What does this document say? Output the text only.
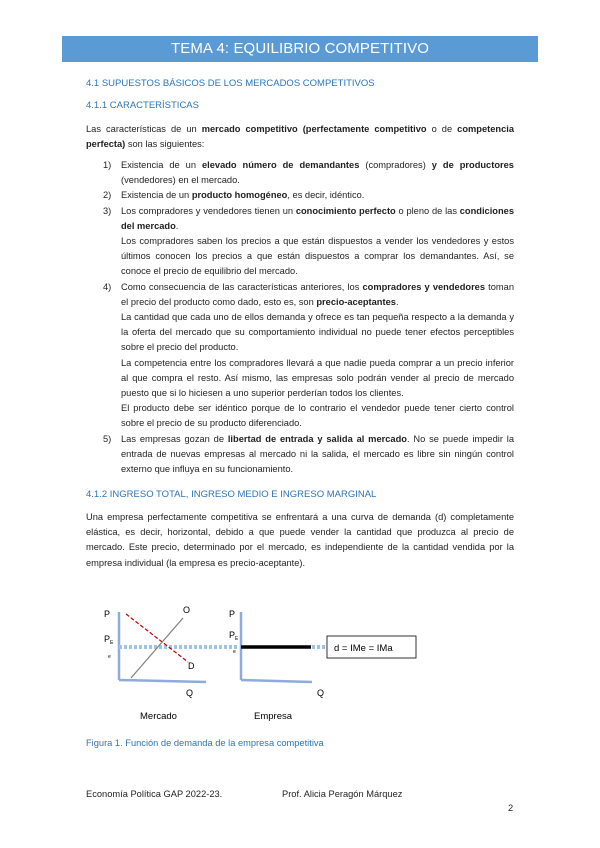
TEMA 4: EQUILIBRIO COMPETITIVO
4.1 SUPUESTOS BÁSICOS DE LOS MERCADOS COMPETITIVOS
4.1.1 CARACTERÍSTICAS
Las características de un mercado competitivo (perfectamente competitivo o de competencia perfecta) son las siguientes:
1) Existencia de un elevado número de demandantes (compradores) y de productores (vendedores) en el mercado.

2) Existencia de un producto homogéneo, es decir, idéntico.

3) Los compradores y vendedores tienen un conocimiento perfecto o pleno de las condiciones del mercado.

Los compradores saben los precios a que están dispuestos a vender los vendedores y estos últimos conocen los precios a que están dispuestos a comprar los demandantes. Así, se conoce el precio de equilibrio del mercado.

4) Como consecuencia de las características anteriores, los compradores y vendedores toman el precio del producto como dado, esto es, son precio-aceptantes.

La cantidad que cada uno de ellos demanda y ofrece es tan pequeña respecto a la demanda y la oferta del mercado que su comportamiento individual no puede tener efectos perceptibles sobre el precio del producto.

La competencia entre los compradores llevará a que nadie pueda comprar a un precio inferior al que compra el resto. Así mismo, las empresas solo podrán vender al precio de mercado puesto que si lo hiciesen a uno superior perderían todos los clientes.

El producto debe ser idéntico porque de lo contrario el vendedor puede tener cierto control sobre el precio de su producto diferenciado.

5) Las empresas gozan de libertad de entrada y salida al mercado. No se puede impedir la entrada de nuevas empresas al mercado ni la salida, el mercado es libre sin ningún control externo que influya en su funcionamiento.

4.1.2 INGRESO TOTAL, INGRESO MEDIO E INGRESO MARGINAL
Una empresa perfectamente competitiva se enfrentará a una curva de demanda (d) completamente elástica, es decir, horizontal, debido a que puede vender la cantidad que produzca al precio de mercado. Este precio, determinado por el mercado, es independiente de la cantidad vendida por la empresa individual (la empresa es precio-aceptante).
P
$P_E$
e
O
D
Q
Mercado
P
$P_E$
e
Q
Empresa
d = IMe = IMa
Figura 1. Función de demanda de la empresa competitiva
Economía Política GAP 2022-23.	Prof. Alicia Peragón Márquez
2
